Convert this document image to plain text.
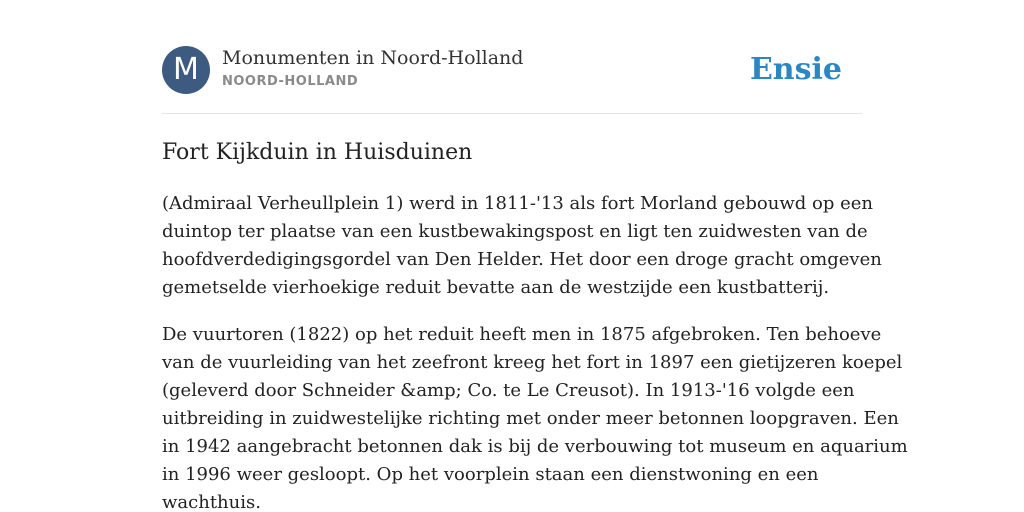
M	Monumenten in Noord-Holland
NOORD-HOLLAND	Ensie
Fort Kijkduin in Huisduinen

(Admiraal Verheullplein 1) werd in 1811-'13 als fort Morland gebouwd op een
duintop ter plaatse van een kustbewakingspost en ligt ten zuidwesten van de
hoofdverdedigingsgordel van Den Helder. Het door een droge gracht omgeven
gemetselde vierhoekige reduit bevatte aan de westzijde een kustbatterij.

De vuurtoren (1822) op het reduit heeft men in 1875 afgebroken. Ten behoeve
van de vuurleiding van het zeefront kreeg het fort in 1897 een gietijzeren koepel
(geleverd door Schneider &amp; Co. te Le Creusot). In 1913-'16 volgde een
uitbreiding in zuidwestelijke richting met onder meer betonnen loopgraven. Een
in 1942 aangebracht betonnen dak is bij de verbouwing tot museum en aquarium
in 1996 weer gesloopt. Op het voorplein staan een dienstwoning en een
wachthuis.
